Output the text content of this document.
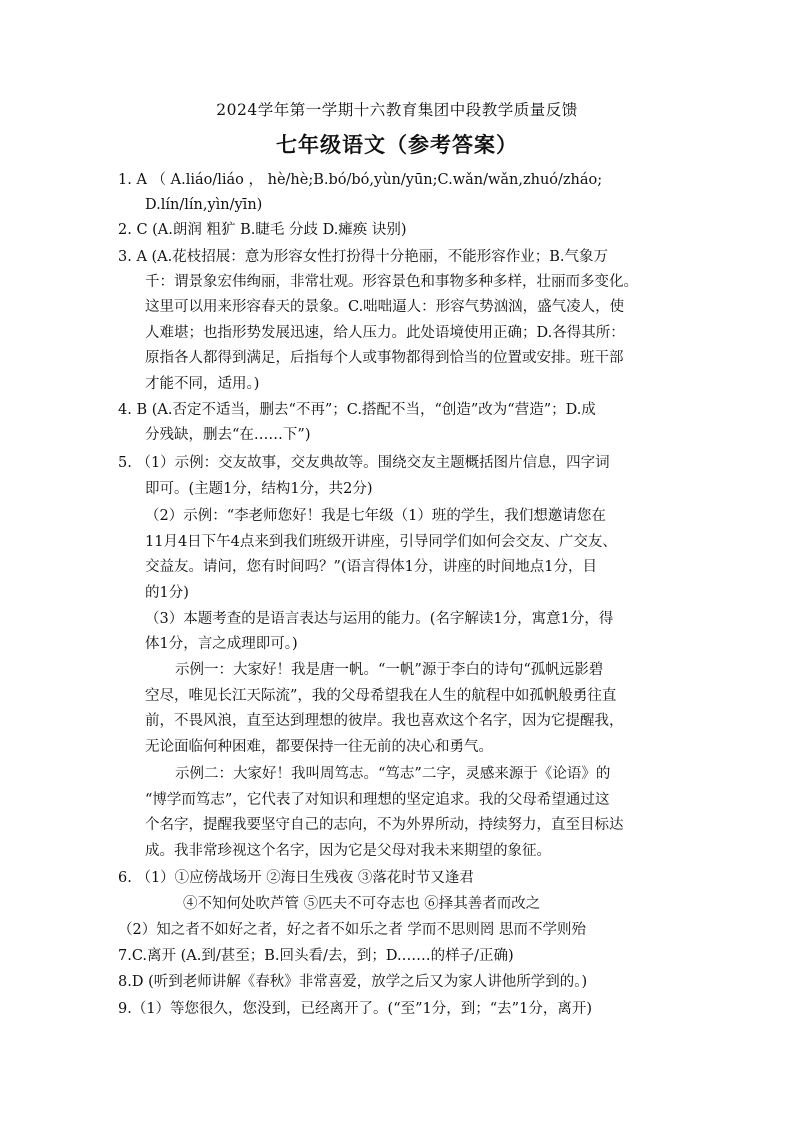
2024学年第一学期十六教育集团中段教学质量反馈
七年级语文（参考答案）
1. A （ A.liáo/liáo ， hè/hè;B.bó/bó,yùn/yūn;C.wǎn/wǎn,zhuó/zháo;
D.lín/lín,yìn/yīn)
2. C (A.朗润 粗犷 B.睫毛 分歧 D.瘫痪 诀别)
3. A (A.花枝招展：意为形容女性打扮得十分艳丽，不能形容作业；B.气象万
千：谓景象宏伟绚丽，非常壮观。形容景色和事物多种多样，壮丽而多变化。
这里可以用来形容春天的景象。C.咄咄逼人：形容气势汹汹，盛气凌人，使
人难堪；也指形势发展迅速，给人压力。此处语境使用正确；D.各得其所：
原指各人都得到满足，后指每个人或事物都得到恰当的位置或安排。班干部
才能不同，适用。)
4. B (A.否定不适当，删去“不再”；C.搭配不当，“创造”改为“营造”；D.成
分残缺，删去“在……下”)
5. （1）示例：交友故事，交友典故等。围绕交友主题概括图片信息，四字词
即可。(主题1分，结构1分，共2分)
（2）示例：“李老师您好！我是七年级（1）班的学生，我们想邀请您在
11月4日下午4点来到我们班级开讲座，引导同学们如何会交友、广交友、
交益友。请问，您有时间吗？”(语言得体1分，讲座的时间地点1分，目
的1分)
（3）本题考查的是语言表达与运用的能力。(名字解读1分，寓意1分，得
体1分，言之成理即可。)
示例一：大家好！我是唐一帆。“一帆”源于李白的诗句“孤帆远影碧
空尽，唯见长江天际流”，我的父母希望我在人生的航程中如孤帆般勇往直
前，不畏风浪，直至达到理想的彼岸。我也喜欢这个名字，因为它提醒我，
无论面临何种困难，都要保持一往无前的决心和勇气。
示例二：大家好！我叫周笃志。“笃志”二字，灵感来源于《论语》的
“博学而笃志”，它代表了对知识和理想的坚定追求。我的父母希望通过这
个名字，提醒我要坚守自己的志向，不为外界所动，持续努力，直至目标达
成。我非常珍视这个名字，因为它是父母对我未来期望的象征。
6. （1）①应傍战场开 ②海日生残夜 ③落花时节又逢君
④不知何处吹芦管 ⑤匹夫不可夺志也 ⑥择其善者而改之
（2）知之者不如好之者，好之者不如乐之者 学而不思则罔 思而不学则殆
7.C.离开 (A.到/甚至；B.回头看/去，到；D.……的样子/正确)
8.D (听到老师讲解《春秋》非常喜爱，放学之后又为家人讲他所学到的。)
9.（1）等您很久，您没到，已经离开了。(“至”1分，到；“去”1分，离开)
